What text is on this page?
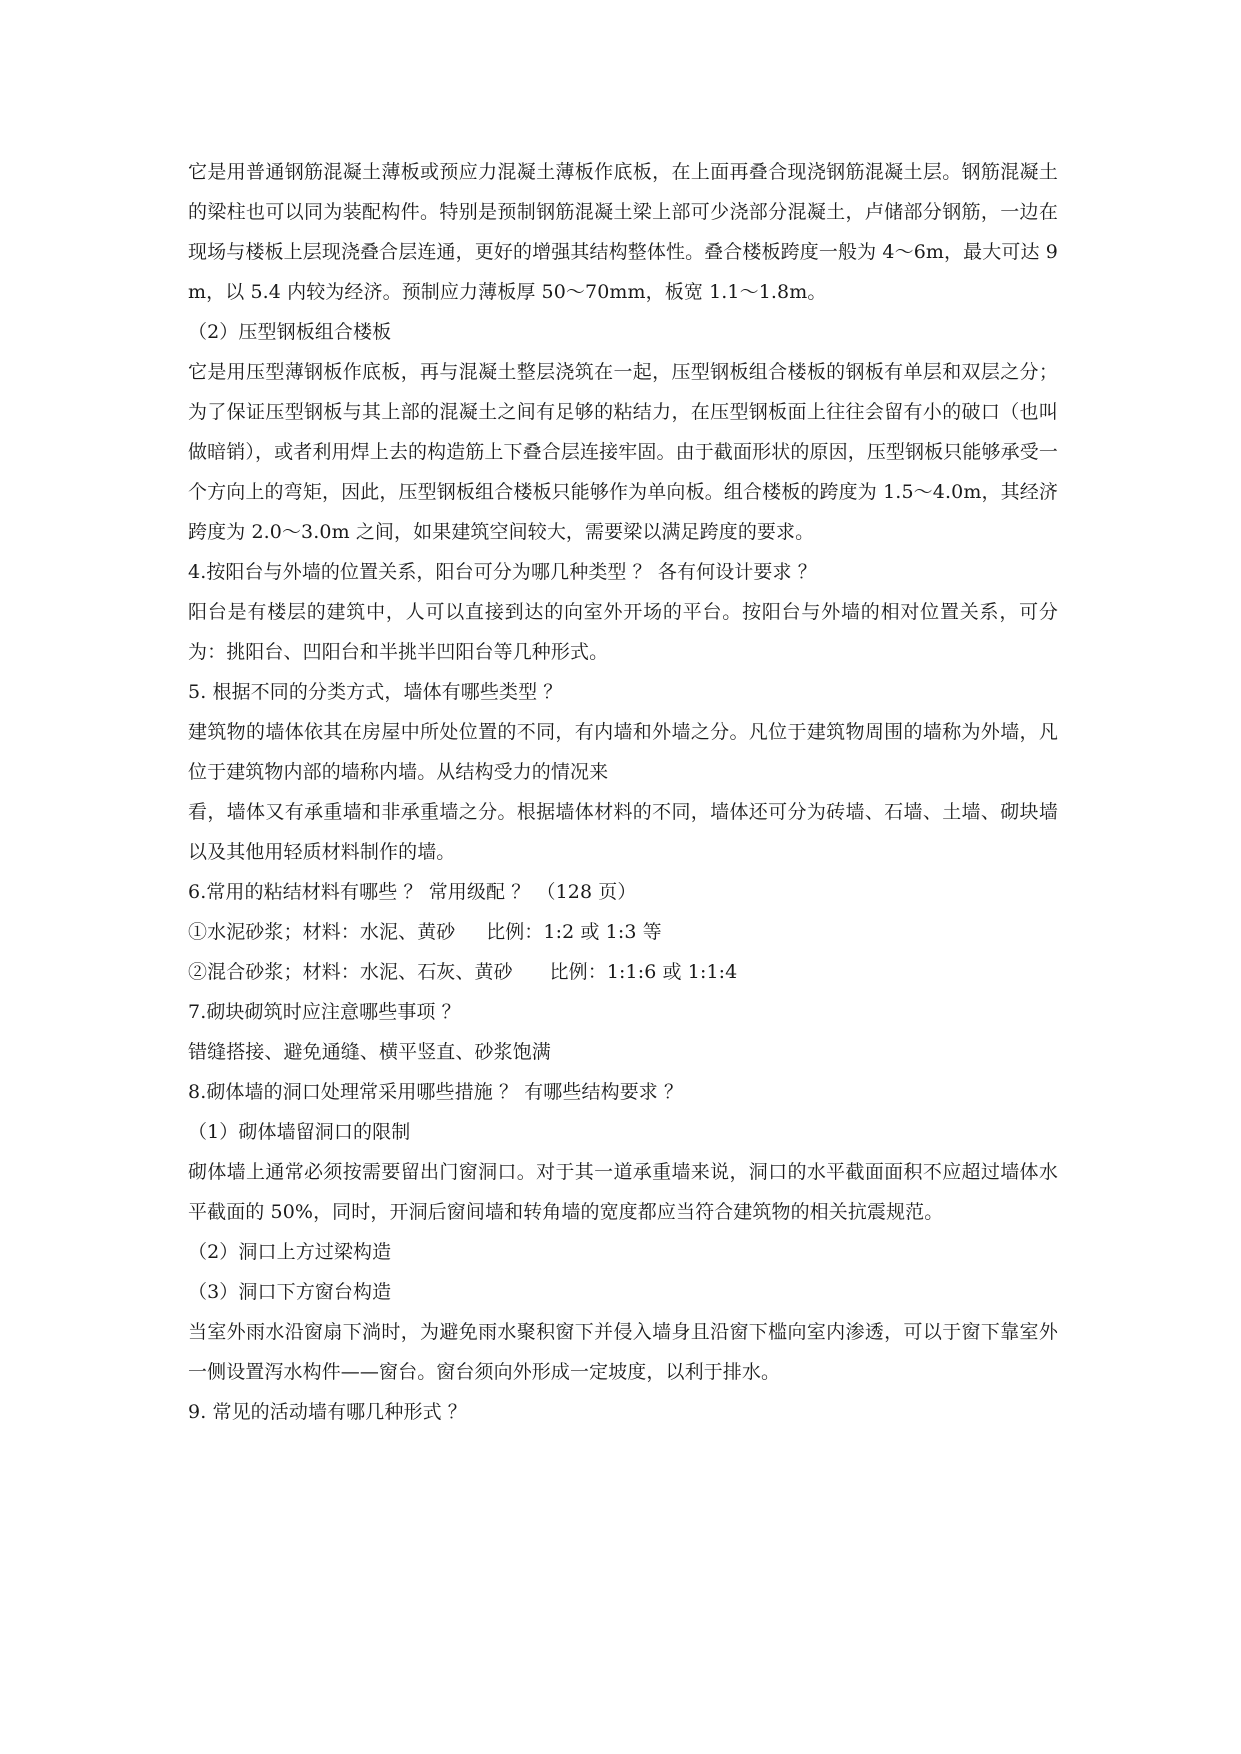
它是用普通钢筋混凝土薄板或预应力混凝土薄板作底板，在上面再叠合现浇钢筋混凝土层。钢筋混凝土的梁柱也可以同为装配构件。特别是预制钢筋混凝土梁上部可少浇部分混凝土，卢储部分钢筋，一边在现场与楼板上层现浇叠合层连通，更好的增强其结构整体性。叠合楼板跨度一般为 4～6m，最大可达 9m，以 5.4 内较为经济。预制应力薄板厚 50～70mm，板宽 1.1～1.8m。

（2）压型钢板组合楼板

它是用压型薄钢板作底板，再与混凝土整层浇筑在一起，压型钢板组合楼板的钢板有单层和双层之分；为了保证压型钢板与其上部的混凝土之间有足够的粘结力，在压型钢板面上往往会留有小的破口（也叫做暗销），或者利用焊上去的构造筋上下叠合层连接牢固。由于截面形状的原因，压型钢板只能够承受一个方向上的弯矩，因此，压型钢板组合楼板只能够作为单向板。组合楼板的跨度为 1.5～4.0m，其经济跨度为 2.0～3.0m 之间，如果建筑空间较大，需要梁以满足跨度的要求。

4.按阳台与外墙的位置关系，阳台可分为哪几种类型 ？ 各有何设计要求 ？

阳台是有楼层的建筑中，人可以直接到达的向室外开场的平台。按阳台与外墙的相对位置关系，可分为：挑阳台、凹阳台和半挑半凹阳台等几种形式。

5. 根据不同的分类方式，墙体有哪些类型 ？

建筑物的墙体依其在房屋中所处位置的不同，有内墙和外墙之分。凡位于建筑物周围的墙称为外墙，凡位于建筑物内部的墙称内墙。从结构受力的情况来

看，墙体又有承重墙和非承重墙之分。根据墙体材料的不同，墙体还可分为砖墙、石墙、土墙、砌块墙以及其他用轻质材料制作的墙。

6.常用的粘结材料有哪些 ？ 常用级配 ？ （128 页）

①水泥砂浆；材料：水泥、黄砂     比例：1:2 或 1:3 等

②混合砂浆；材料：水泥、石灰、黄砂      比例：1:1:6 或 1:1:4

7.砌块砌筑时应注意哪些事项 ？

错缝搭接、避免通缝、横平竖直、砂浆饱满

8.砌体墙的洞口处理常采用哪些措施 ？ 有哪些结构要求 ？

（1）砌体墙留洞口的限制

砌体墙上通常必须按需要留出门窗洞口。对于其一道承重墙来说，洞口的水平截面面积不应超过墙体水平截面的 50%，同时，开洞后窗间墙和转角墙的宽度都应当符合建筑物的相关抗震规范。

（2）洞口上方过梁构造

（3）洞口下方窗台构造

当室外雨水沿窗扇下淌时，为避免雨水聚积窗下并侵入墙身且沿窗下槛向室内渗透，可以于窗下靠室外一侧设置泻水构件——窗台。窗台须向外形成一定坡度，以利于排水。

9. 常见的活动墙有哪几种形式 ？
